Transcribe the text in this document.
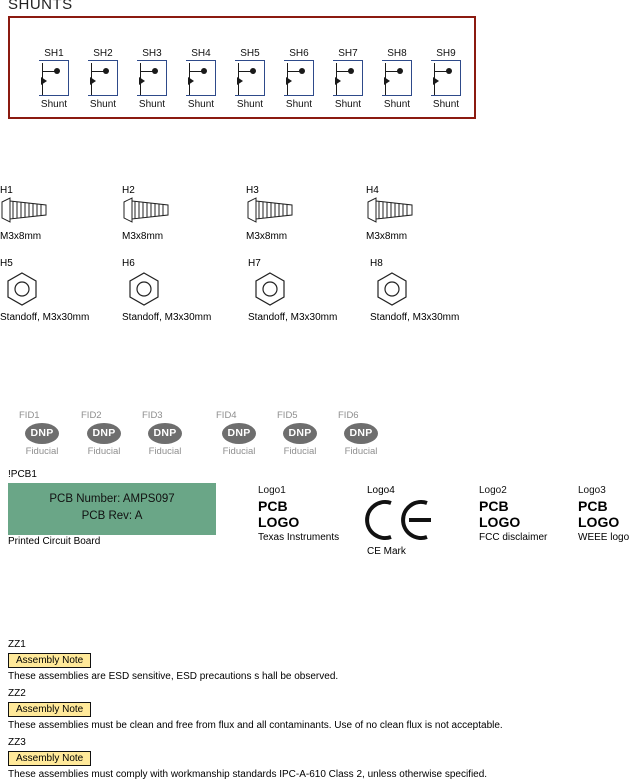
SHUNTS
SH1
Shunt
SH2
Shunt
SH3
Shunt
SH4
Shunt
SH5
Shunt
SH6
Shunt
SH7
Shunt
SH8
Shunt
SH9
Shunt
H1
M3x8mm
H2
M3x8mm
H3
M3x8mm
H4
M3x8mm
H5
Standoff, M3x30mm
H6
Standoff, M3x30mm
H7
Standoff, M3x30mm
H8
Standoff, M3x30mm
FID1
DNP
Fiducial
FID2
DNP
Fiducial
FID3
DNP
Fiducial
FID4
DNP
Fiducial
FID5
DNP
Fiducial
FID6
DNP
Fiducial
!PCB1
PCB Number: AMPS097
PCB Rev: A
Printed Circuit Board
Logo1
PCB
LOGO
Texas Instruments
Logo2
PCB
LOGO
FCC disclaimer
Logo3
PCB
LOGO
WEEE logo
Logo4
CE Mark
ZZ1
Assembly Note
These assemblies are ESD sensitive, ESD precautions s hall be observed.
ZZ2
Assembly Note
These assemblies must be clean and free from flux and all contaminants. Use of no clean flux is not acceptable.
ZZ3
Assembly Note
These assemblies must comply with workmanship standards IPC-A-610 Class 2, unless otherwise specified.
